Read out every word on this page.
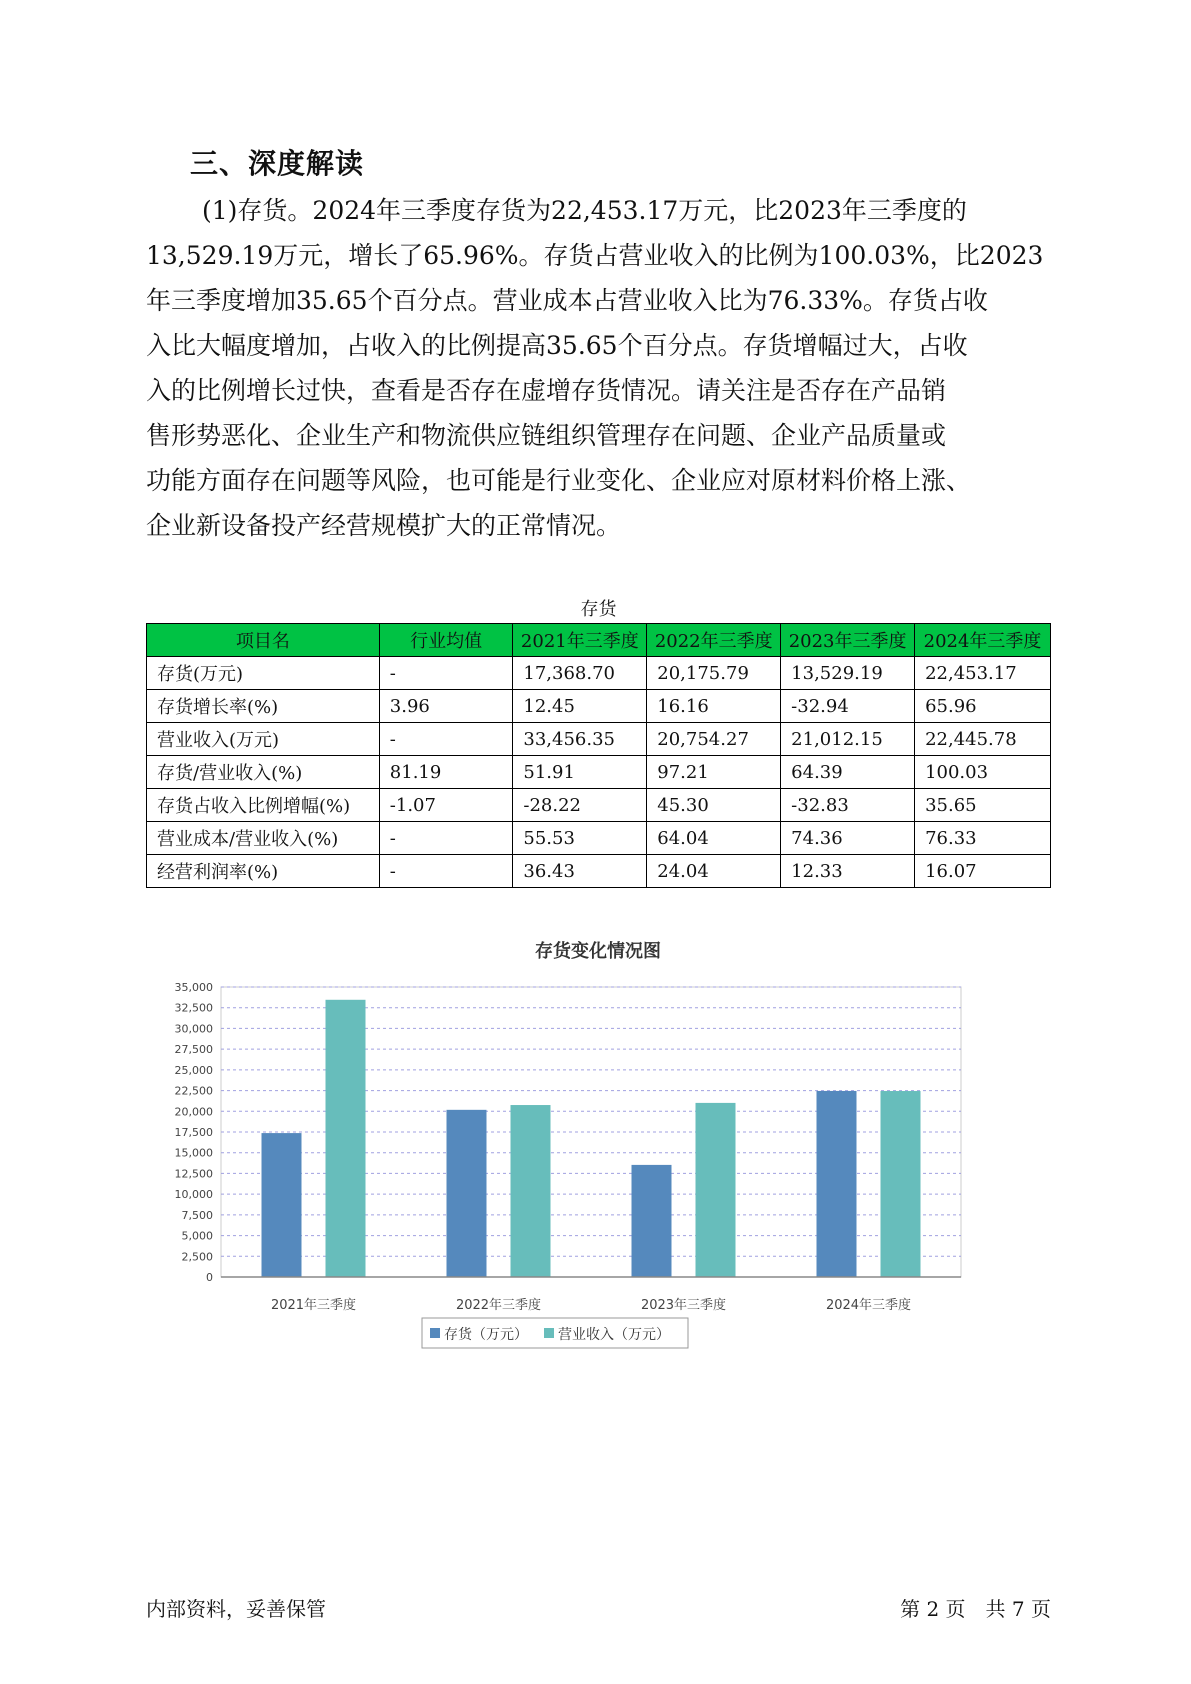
三、深度解读
(1)存货。2024年三季度存货为22,453.17万元，比2023年三季度的
13,529.19万元，增长了65.96%。存货占营业收入的比例为100.03%，比2023
年三季度增加35.65个百分点。营业成本占营业收入比为76.33%。存货占收
入比大幅度增加，占收入的比例提高35.65个百分点。存货增幅过大，占收
入的比例增长过快，查看是否存在虚增存货情况。请关注是否存在产品销
售形势恶化、企业生产和物流供应链组织管理存在问题、企业产品质量或
功能方面存在问题等风险，也可能是行业变化、企业应对原材料价格上涨、
企业新设备投产经营规模扩大的正常情况。
存货
项目名	行业均值	2021年三季度	2022年三季度	2023年三季度	2024年三季度
存货(万元)	-	17,368.70	20,175.79	13,529.19	22,453.17
存货增长率(%)	3.96	12.45	16.16	-32.94	65.96
营业收入(万元)	-	33,456.35	20,754.27	21,012.15	22,445.78
存货/营业收入(%)	81.19	51.91	97.21	64.39	100.03
存货占收入比例增幅(%)	-1.07	-28.22	45.30	-32.83	35.65
营业成本/营业收入(%)	-	55.53	64.04	74.36	76.33
经营利润率(%)	-	36.43	24.04	12.33	16.07
存货变化情况图
35,000
32,500
30,000
27,500
25,000
22,500
20,000
17,500
15,000
12,500
10,000
7,500
5,000
2,500
0
2021年三季度	2022年三季度	2023年三季度	2024年三季度
存货（万元） 营业收入（万元）
内部资料，妥善保管	第 2 页　共 7 页
